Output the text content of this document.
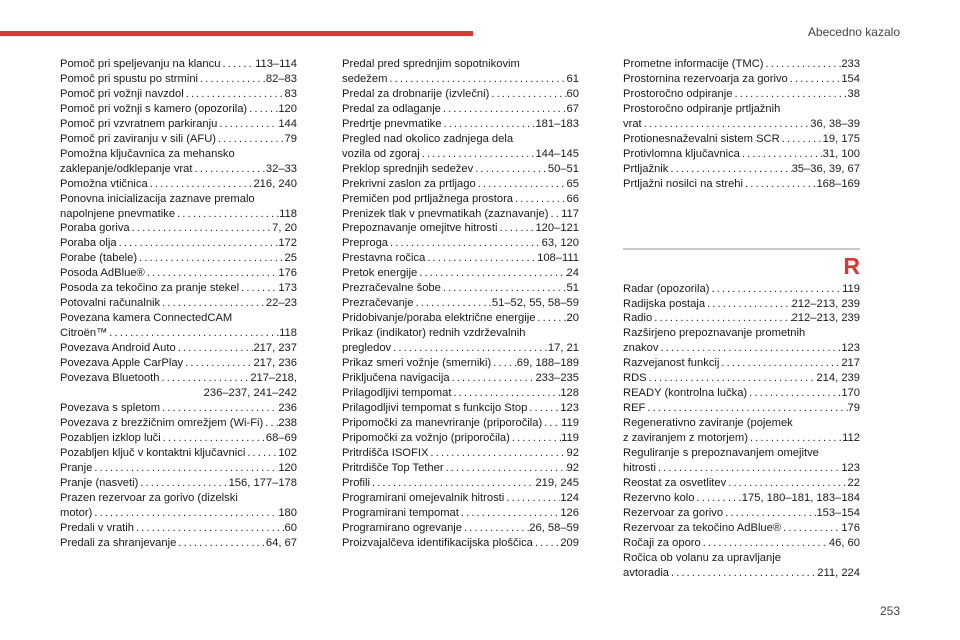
Abecedno kazalo
Pomoč pri speljevanju na klancu . . .	113–114
Pomoč pri spustu po strmini . . .	82–83
Pomoč pri vožnji navzdol . . .	83
Pomoč pri vožnji s kamero (opozorila) . . .	120
Pomoč pri vzvratnem parkiranju . . .	144
Pomoč pri zaviranju v sili (AFU) . . .	79
Pomožna ključavnica za mehansko
zaklepanje/odklepanje vrat . . .	32–33
Pomožna vtičnica . . .	216, 240
Ponovna inicializacija zaznave premalo
napolnjene pnevmatike . . .	118
Poraba goriva . . .	7, 20
Poraba olja . . .	172
Porabe (tabele) . . .	25
Posoda AdBlue® . . .	176
Posoda za tekočino za pranje stekel . . .	173
Potovalni računalnik . . .	22–23
Povezana kamera ConnectedCAM
Citroën™ . . .	118
Povezava Android Auto . . .	217, 237
Povezava Apple CarPlay . . .	217, 236
Povezava Bluetooth . . .	217–218,
236–237, 241–242
Povezava s spletom . . .	236
Povezava z brezžičnim omrežjem (Wi-Fi) . . . 238
Pozabljen izklop luči . . .	68–69
Pozabljen ključ v kontaktni ključavnici . . .	102
Pranje . . .	120
Pranje (nasveti) . . .	156, 177–178
Prazen rezervoar za gorivo (dizelski
motor) . . .	180
Predali v vratih . . .	60
Predali za shranjevanje . . .	64, 67
Predal pred sprednjim sopotnikovim
sedežem . . .	61
Predal za drobnarije (izvlečni) . . .	60
Predal za odlaganje . . .	67
Predrtje pnevmatike . . .	181–183
Pregled nad okolico zadnjega dela
vozila od zgoraj . . .	144–145
Preklop sprednjih sedežev . . .	50–51
Prekrivni zaslon za prtljago . . .	65
Premičen pod prtljažnega prostora . . .	66
Prenizek tlak v pnevmatikah (zaznavanje) . . . 117
Prepoznavanje omejitve hitrosti . . .	120–121
Preproga . . .	63, 120
Prestavna ročica . . .	108–111
Pretok energije . . .	24
Prezračevalne šobe . . .	51
Prezračevanje . . .	51–52, 55, 58–59
Pridobivanje/poraba električne energije . . .	20
Prikaz (indikator) rednih vzdrževalnih
pregledov . . .	17, 21
Prikaz smeri vožnje (smerniki) . . . 69, 188–189
Priključena navigacija . . .	233–235
Prilagodljivi tempomat . . .	128
Prilagodljivi tempomat s funkcijo Stop . . .	123
Pripomočki za manevriranje (priporočila) . . . 119
Pripomočki za vožnjo (priporočila) . . .	119
Pritrdišča ISOFIX . . .	92
Pritrdišče Top Tether . . .	92
Profili . . .	219, 245
Programirani omejevalnik hitrosti . . .	124
Programirani tempomat . . .	126
Programirano ogrevanje . . .	26, 58–59
Proizvajalčeva identifikacijska ploščica . . . 209
Prometne informacije (TMC) . . .	233
Prostornina rezervoarja za gorivo . . .	154
Prostoročno odpiranje . . .	38
Prostoročno odpiranje prtljažnih
vrat . . .	36, 38–39
Protionesnaževalni sistem SCR . . .	19, 175
Protivlomna ključavnica . . .	31, 100
Prtljažnik . . .	35–36, 39, 67
Prtljažni nosilci na strehi . . .	168–169
R
Radar (opozorila) . . .	119
Radijska postaja . . .	212–213, 239
Radio . . .	212–213, 239
Razširjeno prepoznavanje prometnih
znakov . . .	123
Razvejanost funkcij . . .	217
RDS . . .	214, 239
READY (kontrolna lučka) . . .	170
REF . . .	79
Regenerativno zaviranje (pojemek
z zaviranjem z motorjem) . . .	112
Reguliranje s prepoznavanjem omejitve
hitrosti . . .	123
Reostat za osvetlitev . . .	22
Rezervno kolo . . .	175, 180–181, 183–184
Rezervoar za gorivo . . .	153–154
Rezervoar za tekočino AdBlue® . . .	176
Ročaji za oporo . . .	46, 60
Ročica ob volanu za upravljanje
avtoradia . . .	211, 224
253
